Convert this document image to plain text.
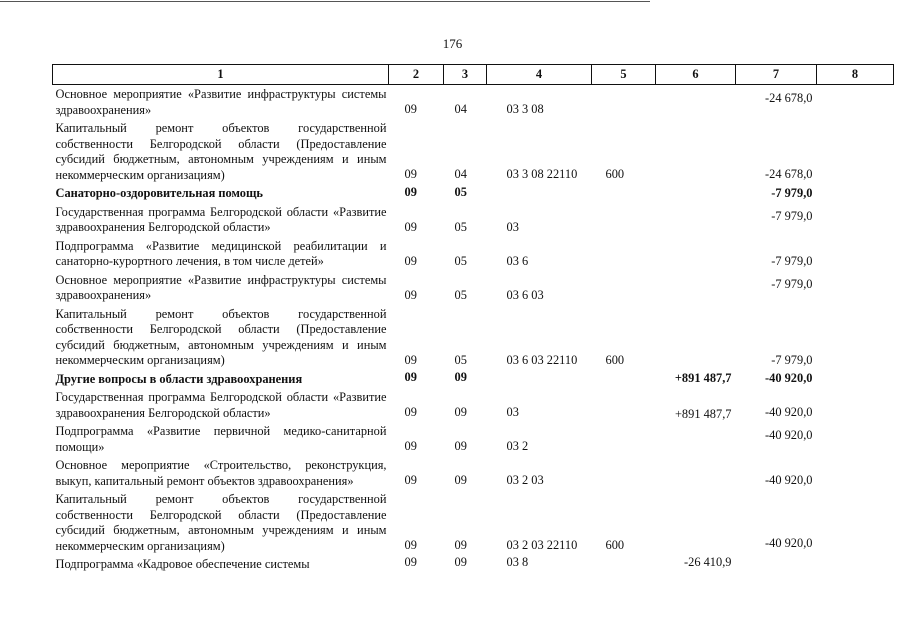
176
1	2	3	4	5	6	7	8
Основное мероприятие «Развитие инфраструктуры системы здравоохранения»	09	04	03 3 08			-24 678,0	
Капитальный ремонт объектов государственной собственности Белгородской области (Предоставление субсидий бюджетным, автономным учреждениям и иным некоммерческим организациям)	09	04	03 3 08 22110	600		-24 678,0	
Санаторно-оздоровительная помощь	09	05				-7 979,0	
Государственная программа Белгородской области «Развитие здравоохранения Белгородской области»	09	05	03			-7 979,0	
Подпрограмма «Развитие медицинской реабилитации и санаторно-курортного лечения, в том числе детей»	09	05	03 6			-7 979,0	
Основное мероприятие «Развитие инфраструктуры системы здравоохранения»	09	05	03 6 03			-7 979,0	
Капитальный ремонт объектов государственной собственности Белгородской области (Предоставление субсидий бюджетным, автономным учреждениям и иным некоммерческим организациям)	09	05	03 6 03 22110	600		-7 979,0	
Другие вопросы в области здравоохранения	09	09			+891 487,7	-40 920,0	
Государственная программа Белгородской области «Развитие здравоохранения Белгородской области»	09	09	03		+891 487,7	-40 920,0	
Подпрограмма «Развитие первичной медико-санитарной помощи»	09	09	03 2			-40 920,0	
Основное мероприятие «Строительство, реконструкция, выкуп, капитальный ремонт объектов здравоохранения»	09	09	03 2 03			-40 920,0	
Капитальный ремонт объектов государственной собственности Белгородской области (Предоставление субсидий бюджетным, автономным учреждениям и иным некоммерческим организациям)	09	09	03 2 03 22110	600		-40 920,0	
Подпрограмма «Кадровое обеспечение системы	09	09	03 8		-26 410,9		
